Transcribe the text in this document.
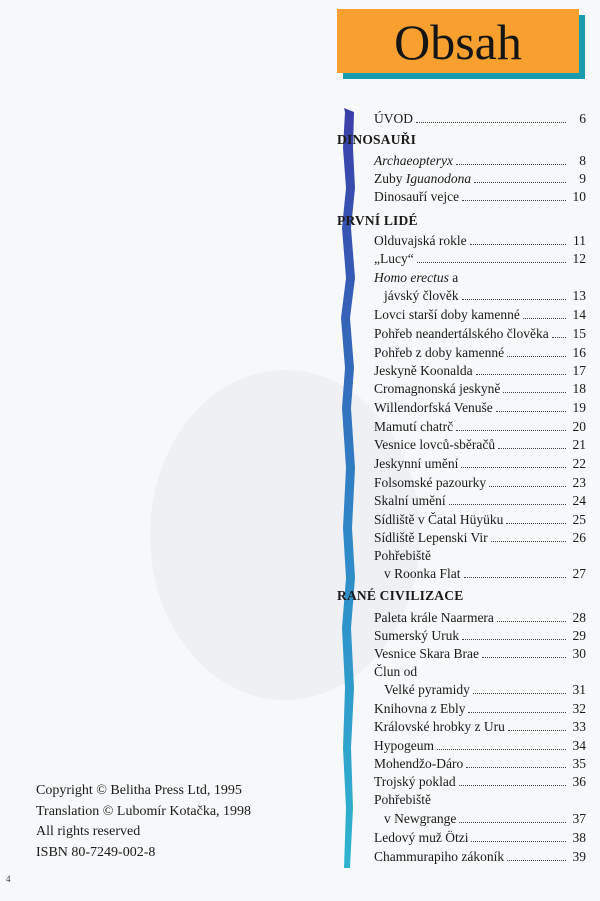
Obsah
ÚVOD	6
DINOSAUŘI
Archaeopteryx	8
Zuby Iguanodona	9
Dinosauří vejce	10
PRVNÍ LIDÉ
Olduvajská rokle	11
„Lucy“	12
Homo erectus a
jávský člověk	13
Lovci starší doby kamenné	14
Pohřeb neandertálského člověka 15
Pohřeb z doby kamenné	16
Jeskyně Koonalda	17
Cromagnonská jeskyně	18
Willendorfská Venuše	19
Mamutí chatrč	20
Vesnice lovců-sběračů	21
Jeskynní umění	22
Folsomské pazourky	23
Skalní umění	24
Sídliště v Čatal Hüyüku	25
Sídliště Lepenski Vir	26
Pohřebiště
v Roonka Flat	27
RANÉ CIVILIZACE
Paleta krále Naarmera	28
Sumerský Uruk	29
Vesnice Skara Brae	30
Člun od
Velké pyramidy	31
Knihovna z Ebly	32
Královské hrobky z Uru	33
Hypogeum	34
Mohendžo-Dáro	35
Trojský poklad	36
Pohřebiště
v Newgrange	37
Ledový muž Ötzi	38
Chammurapiho zákoník	39
Copyright © Belitha Press Ltd, 1995
Translation © Lubomír Kotačka, 1998
All rights reserved
ISBN 80-7249-002-8
4
